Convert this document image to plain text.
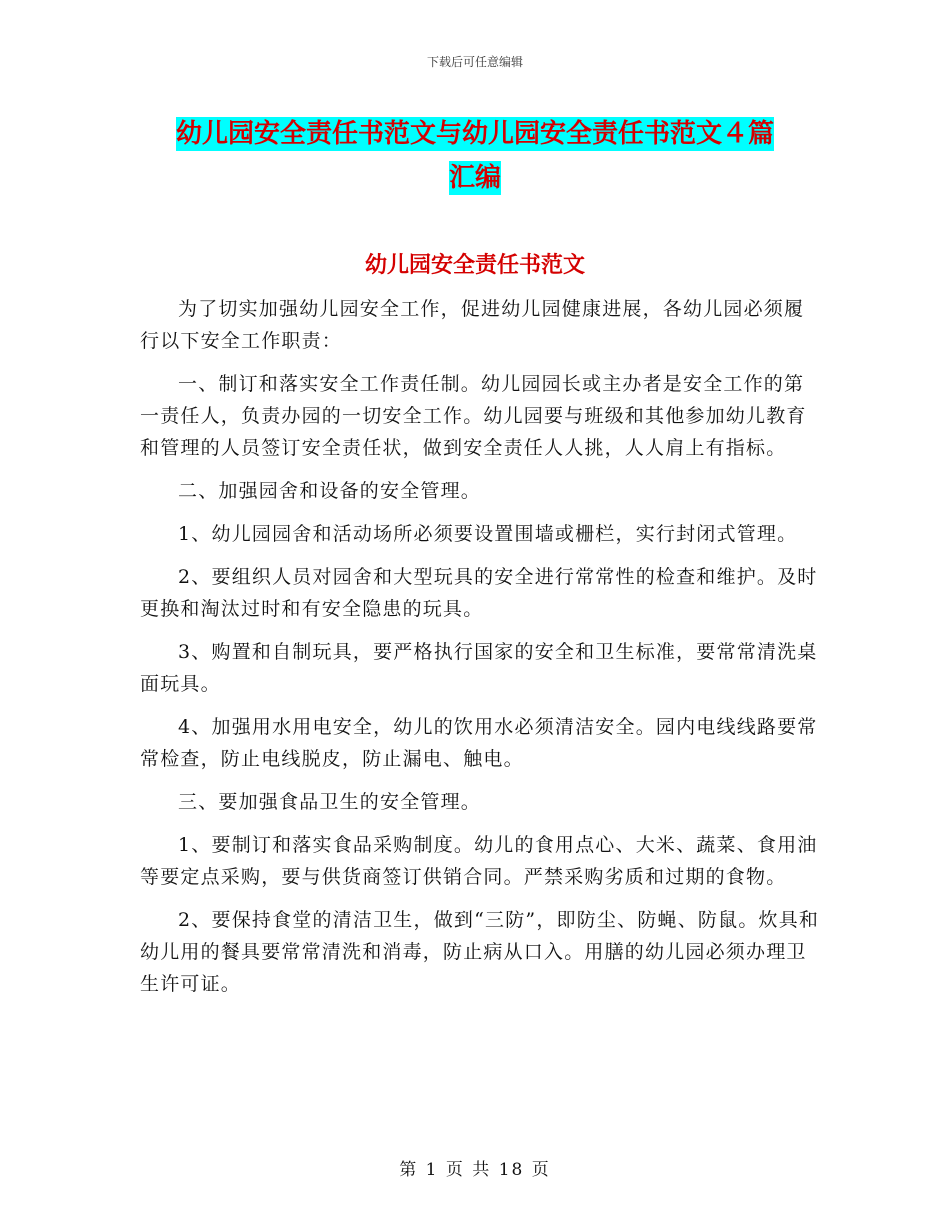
下载后可任意编辑
幼儿园安全责任书范文与幼儿园安全责任书范文４篇
汇编
幼儿园安全责任书范文

为了切实加强幼儿园安全工作，促进幼儿园健康进展，各幼儿园必须履行以下安全工作职责：

一、制订和落实安全工作责任制。幼儿园园长或主办者是安全工作的第一责任人，负责办园的一切安全工作。幼儿园要与班级和其他参加幼儿教育和管理的人员签订安全责任状，做到安全责任人人挑，人人肩上有指标。

二、加强园舍和设备的安全管理。

1、幼儿园园舍和活动场所必须要设置围墙或栅栏，实行封闭式管理。

2、要组织人员对园舍和大型玩具的安全进行常常性的检查和维护。及时更换和淘汰过时和有安全隐患的玩具。

3、购置和自制玩具，要严格执行国家的安全和卫生标准，要常常清洗桌面玩具。

4、加强用水用电安全，幼儿的饮用水必须清洁安全。园内电线线路要常常检查，防止电线脱皮，防止漏电、触电。

三、要加强食品卫生的安全管理。

1、要制订和落实食品采购制度。幼儿的食用点心、大米、蔬菜、食用油等要定点采购，要与供货商签订供销合同。严禁采购劣质和过期的食物。

2、要保持食堂的清洁卫生，做到“三防”，即防尘、防蝇、防鼠。炊具和幼儿用的餐具要常常清洗和消毒，防止病从口入。用膳的幼儿园必须办理卫生许可证。

第 1 页 共 18 页
